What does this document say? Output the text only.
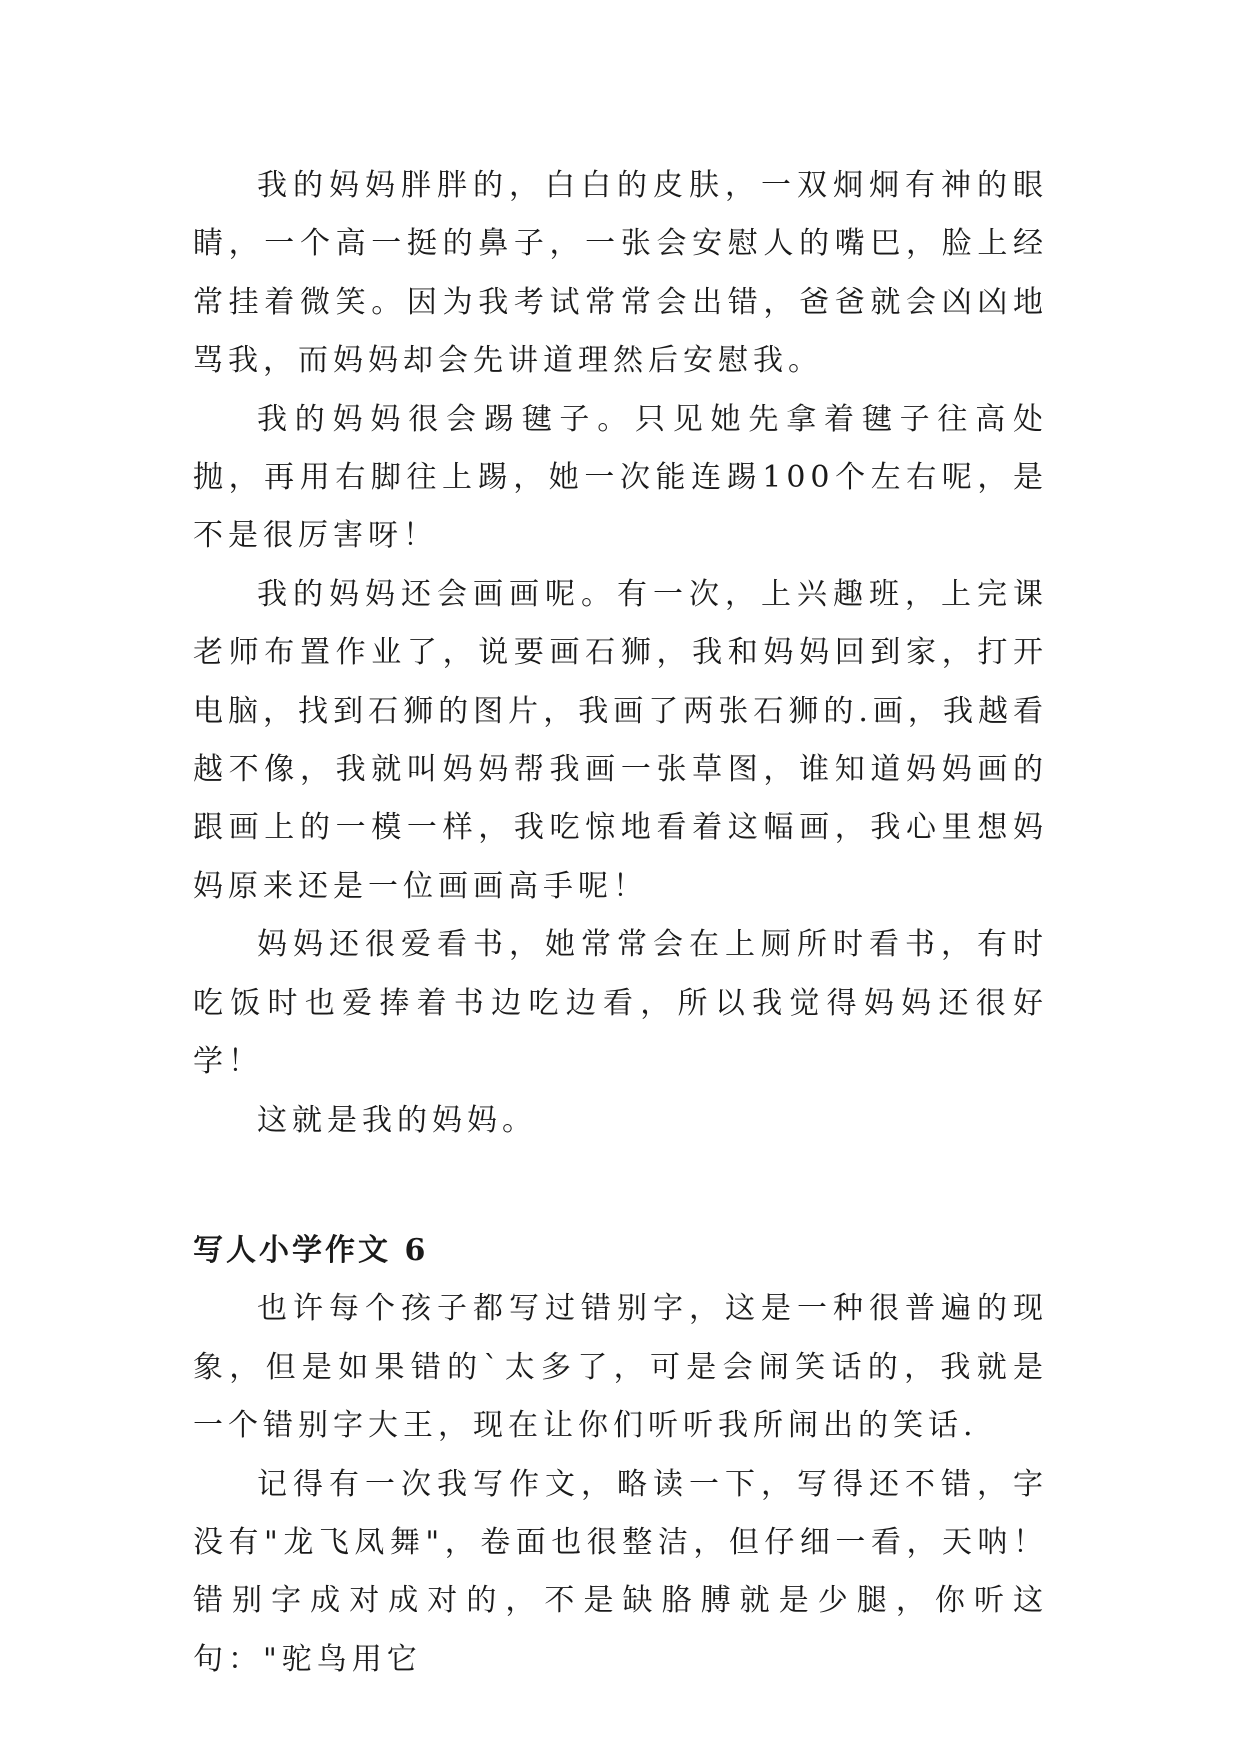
我的妈妈胖胖的，白白的皮肤，一双炯炯有神的眼睛，一个高一挺的鼻子，一张会安慰人的嘴巴，脸上经常挂着微笑。因为我考试常常会出错，爸爸就会凶凶地骂我，而妈妈却会先讲道理然后安慰我。

我的妈妈很会踢毽子。只见她先拿着毽子往高处抛，再用右脚往上踢，她一次能连踢100个左右呢，是不是很厉害呀！

我的妈妈还会画画呢。有一次，上兴趣班，上完课老师布置作业了，说要画石狮，我和妈妈回到家，打开电脑，找到石狮的图片，我画了两张石狮的.画，我越看越不像，我就叫妈妈帮我画一张草图，谁知道妈妈画的跟画上的一模一样，我吃惊地看着这幅画，我心里想妈妈原来还是一位画画高手呢！

妈妈还很爱看书，她常常会在上厕所时看书，有时吃饭时也爱捧着书边吃边看，所以我觉得妈妈还很好学！

这就是我的妈妈。

写人小学作文 6

也许每个孩子都写过错别字，这是一种很普遍的现象，但是如果错的`太多了，可是会闹笑话的，我就是一个错别字大王，现在让你们听听我所闹出的笑话.

记得有一次我写作文，略读一下，写得还不错，字没有"龙飞凤舞"，卷面也很整洁，但仔细一看，天呐！错别字成对成对的，不是缺胳膊就是少腿，你听这句："驼鸟用它
